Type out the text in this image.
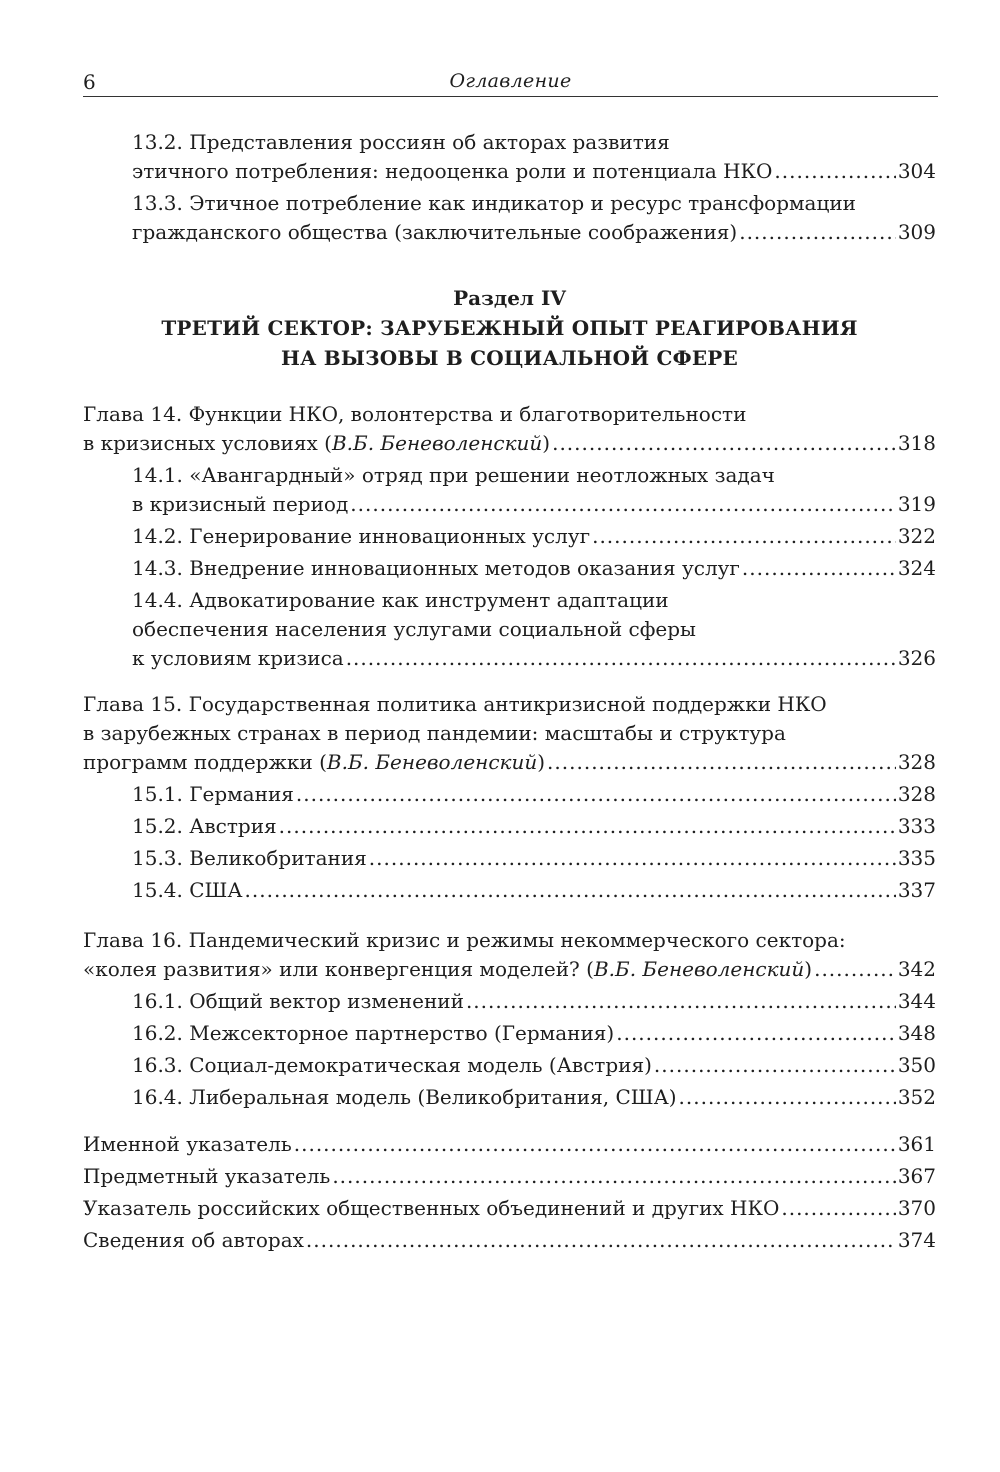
6	Оглавление
13.2. Представления россиян об акторах развития
этичного потребления: недооценка роли и потенциала НКО .....	304
13.3. Этичное потребление как индикатор и ресурс трансформации
гражданского общества (заключительные соображения) .....	309
Раздел IV
ТРЕТИЙ СЕКТОР: ЗАРУБЕЖНЫЙ ОПЫТ РЕАГИРОВАНИЯ
НА ВЫЗОВЫ В СОЦИАЛЬНОЙ СФЕРЕ
Глава 14. Функции НКО, волонтерства и благотворительности
в кризисных условиях (В.Б. Беневоленский) .....	318
14.1. «Авангардный» отряд при решении неотложных задач
в кризисный период .....	319
14.2. Генерирование инновационных услуг .....	322
14.3. Внедрение инновационных методов оказания услуг .....	324
14.4. Адвокатирование как инструмент адаптации
обеспечения населения услугами социальной сферы
к условиям кризиса .....	326
Глава 15. Государственная политика антикризисной поддержки НКО
в зарубежных странах в период пандемии: масштабы и структура
программ поддержки (В.Б. Беневоленский) .....	328
15.1. Германия .....	328
15.2. Австрия .....	333
15.3. Великобритания .....	335
15.4. США .....	337
Глава 16. Пандемический кризис и режимы некоммерческого сектора:
«колея развития» или конвергенция моделей? (В.Б. Беневоленский) .....	342
16.1. Общий вектор изменений .....	344
16.2. Межсекторное партнерство (Германия) .....	348
16.3. Социал-демократическая модель (Австрия) .....	350
16.4. Либеральная модель (Великобритания, США) .....	352
Именной указатель .....	361
Предметный указатель .....	367
Указатель российских общественных объединений и других НКО .....	370
Сведения об авторах .....	374
